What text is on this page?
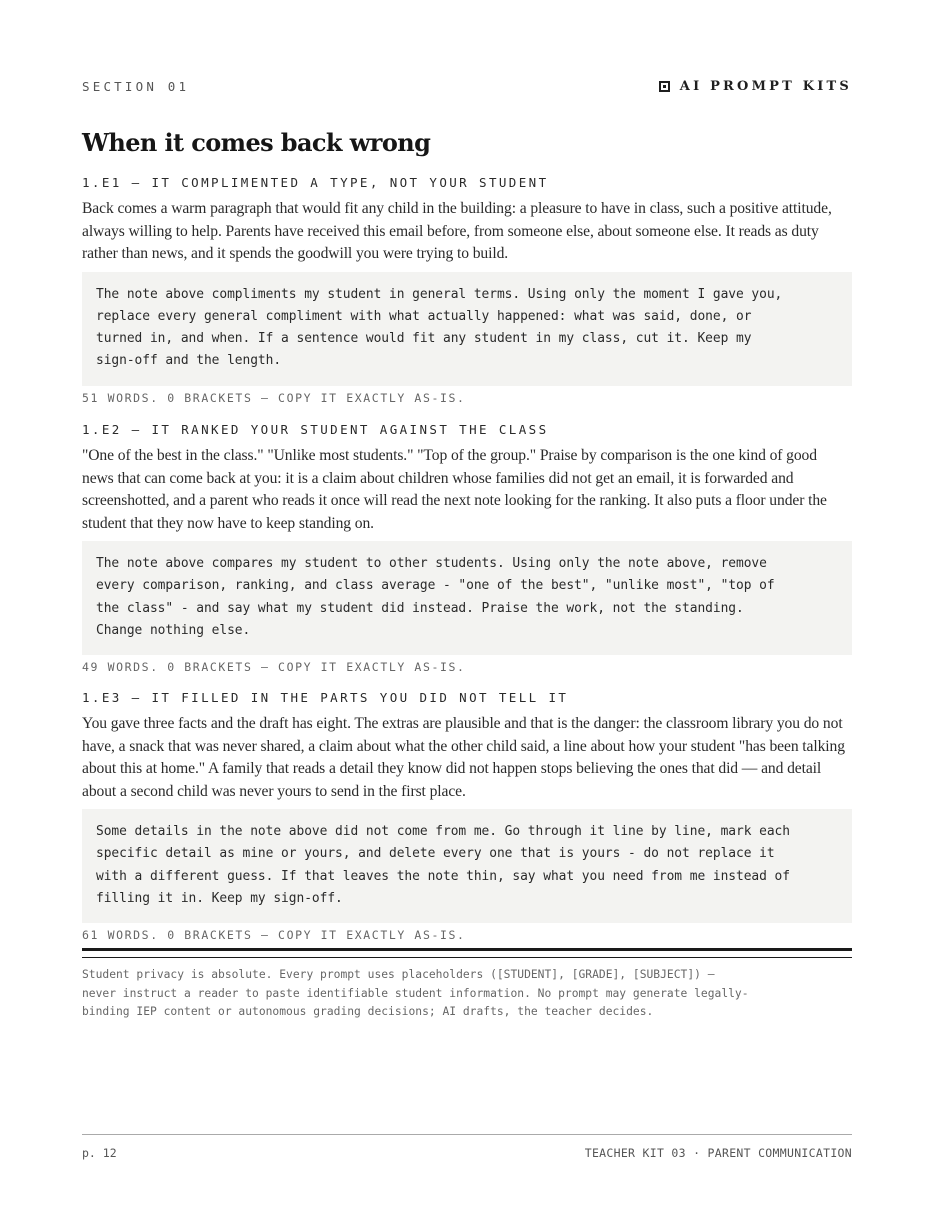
SECTION 01	AI PROMPT KITS
When it comes back wrong

1.E1 — IT COMPLIMENTED A TYPE, NOT YOUR STUDENT

Back comes a warm paragraph that would fit any child in the building: a pleasure to have in class, such a positive attitude, always willing to help. Parents have received this email before, from someone else, about someone else. It reads as duty rather than news, and it spends the goodwill you were trying to build.

The note above compliments my student in general terms. Using only the moment I gave you,
replace every general compliment with what actually happened: what was said, done, or
turned in, and when. If a sentence would fit any student in my class, cut it. Keep my
sign-off and the length.
51 WORDS. 0 BRACKETS — COPY IT EXACTLY AS-IS.

1.E2 — IT RANKED YOUR STUDENT AGAINST THE CLASS

"One of the best in the class." "Unlike most students." "Top of the group." Praise by comparison is the one kind of good news that can come back at you: it is a claim about children whose families did not get an email, it is forwarded and screenshotted, and a parent who reads it once will read the next note looking for the ranking. It also puts a floor under the student that they now have to keep standing on.

The note above compares my student to other students. Using only the note above, remove
every comparison, ranking, and class average - "one of the best", "unlike most", "top of
the class" - and say what my student did instead. Praise the work, not the standing.
Change nothing else.
49 WORDS. 0 BRACKETS — COPY IT EXACTLY AS-IS.

1.E3 — IT FILLED IN THE PARTS YOU DID NOT TELL IT

You gave three facts and the draft has eight. The extras are plausible and that is the danger: the classroom library you do not have, a snack that was never shared, a claim about what the other child said, a line about how your student "has been talking about this at home." A family that reads a detail they know did not happen stops believing the ones that did — and detail about a second child was never yours to send in the first place.

Some details in the note above did not come from me. Go through it line by line, mark each
specific detail as mine or yours, and delete every one that is yours - do not replace it
with a different guess. If that leaves the note thin, say what you need from me instead of
filling it in. Keep my sign-off.
61 WORDS. 0 BRACKETS — COPY IT EXACTLY AS-IS.

Student privacy is absolute. Every prompt uses placeholders ([STUDENT], [GRADE], [SUBJECT]) —
never instruct a reader to paste identifiable student information. No prompt may generate legally-
binding IEP content or autonomous grading decisions; AI drafts, the teacher decides.

p. 12	TEACHER KIT 03 · PARENT COMMUNICATION
